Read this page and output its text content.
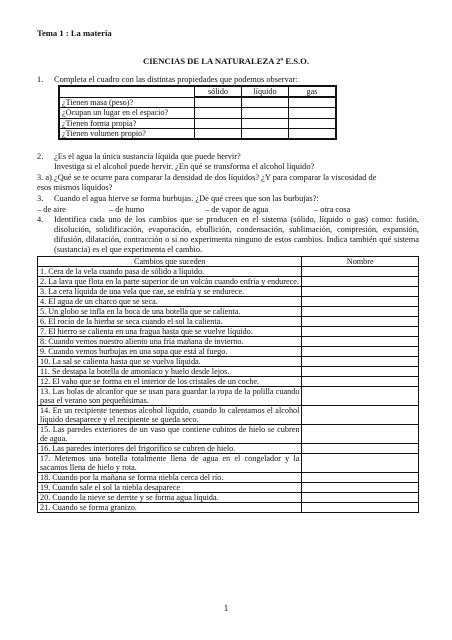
Tema 1 : La materia
CIENCIAS DE LA NATURALEZA 2º E.S.O.
1. Completa el cuadro con las distintas propiedades que podemos observar:
	sólido	líquido	gas
¿Tienen masa (peso)?			
¿Ocupan un lugar en el espacio?			
¿Tienen forma propia?			
¿Tienen volumen propio?			
2. ¿Es el agua la única sustancia líquida que puede hervir?
Investiga si el alcohol puede hervir. ¿En qué se transforma el alcohol líquido?
3. a) ¿Qué se te ocurre para comparar la densidad de dos líquidos? ¿Y para comparar la viscosidad de
esos mismos líquidos?
3. Cuando el agua hierve se forma burbujas. ¿De qué crees que son las burbujas?:
– de aire	– de humo	– de vapor de agua	– otra cosa
4. Identifica cada uno de los cambios que se producen en el sistema (sólido, líquido o gas) como: fusión, disolución, solidificación, evaporación, ebullición, condensación, sublimación, compresión, expansión, difusión, dilatación, contracción o si no experimenta ninguno de estos cambios. Indica también qué sistema (sustancia) es el que experimenta el cambio.
Cambios que suceden	Nombre
1. Cera de la vela cuando pasa de sólido a líquido.	
2. La lava que flota en la parte superior de un volcán cuando enfría y endurece.	
3. La cera líquida de una vela que cae, se enfría y se endurece.	
4. El agua de un charco que se seca.	
5. Un globo se infla en la boca de una botella que se calienta.	
6. El rocío de la hierba se seca cuando el sol la calienta.	
7. El hierro se calienta en una fragua hasta que se vuelve líquido.	
8. Cuando vemos nuestro aliento una fría mañana de invierno.	
9. Cuando vemos burbujas en una sopa que está al fuego.	
10. La sal se calienta hasta que se vuelva líquida.	
11. Se destapa la botella de amoníaco y huelo desde lejos.	
12. El vaho que se forma en el interior de los cristales de un coche.	
13. Las bolas de alcanfor que se usan para guardar la ropa de la polilla cuando pasa el verano son pequeñísimas.	
14. En un recipiente tenemos alcohol líquido, cuando lo calentamos el alcohol líquido desaparece y el recipiente se queda seco.	
15. Las paredes exteriores de un vaso que contiene cubitos de hielo se cubren de agua.	
16. Las paredes interiores del frigorífico se cubren de hielo.	
17. Metemos una botella totalmente llena de agua en el congelador y la sacamos llena de hielo y rota.	
18. Cuando por la mañana se forma niebla cerca del río.	
19. Cuando sale el sol la niebla desaparece	
20. Cuando la nieve se derrite y se forma agua líquida.	
21. Cuando se forma granizo.	
1
